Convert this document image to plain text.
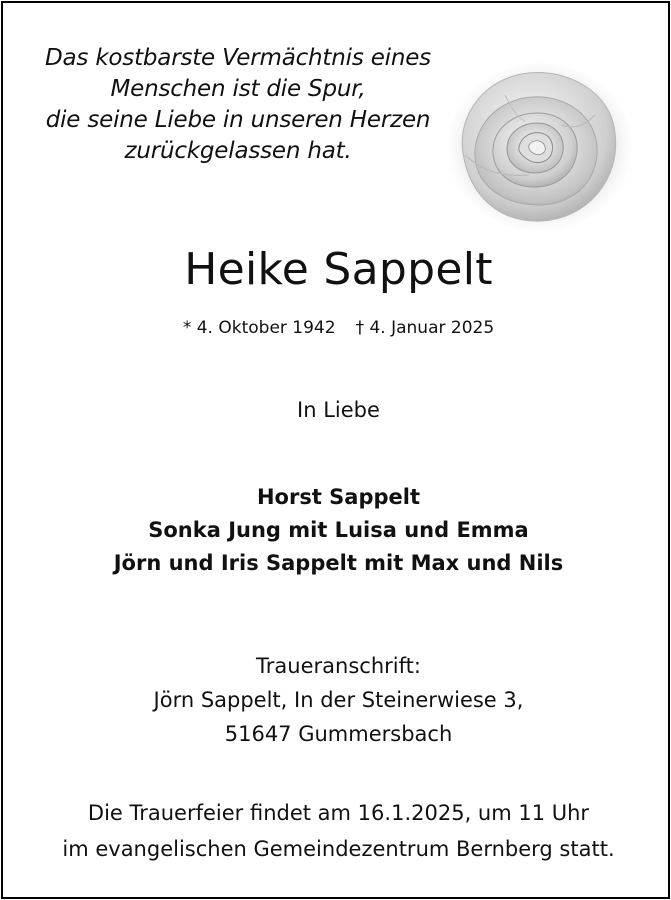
Das kostbarste Vermächtnis eines
Menschen ist die Spur,
die seine Liebe in unseren Herzen
zurückgelassen hat.
Heike Sappelt
* 4. Oktober 1942 † 4. Januar 2025
In Liebe
Horst Sappelt
Sonka Jung mit Luisa und Emma
Jörn und Iris Sappelt mit Max und Nils
Traueranschrift:
Jörn Sappelt, In der Steinerwiese 3,
51647 Gummersbach
Die Trauerfeier findet am 16.1.2025, um 11 Uhr
im evangelischen Gemeindezentrum Bernberg statt.
